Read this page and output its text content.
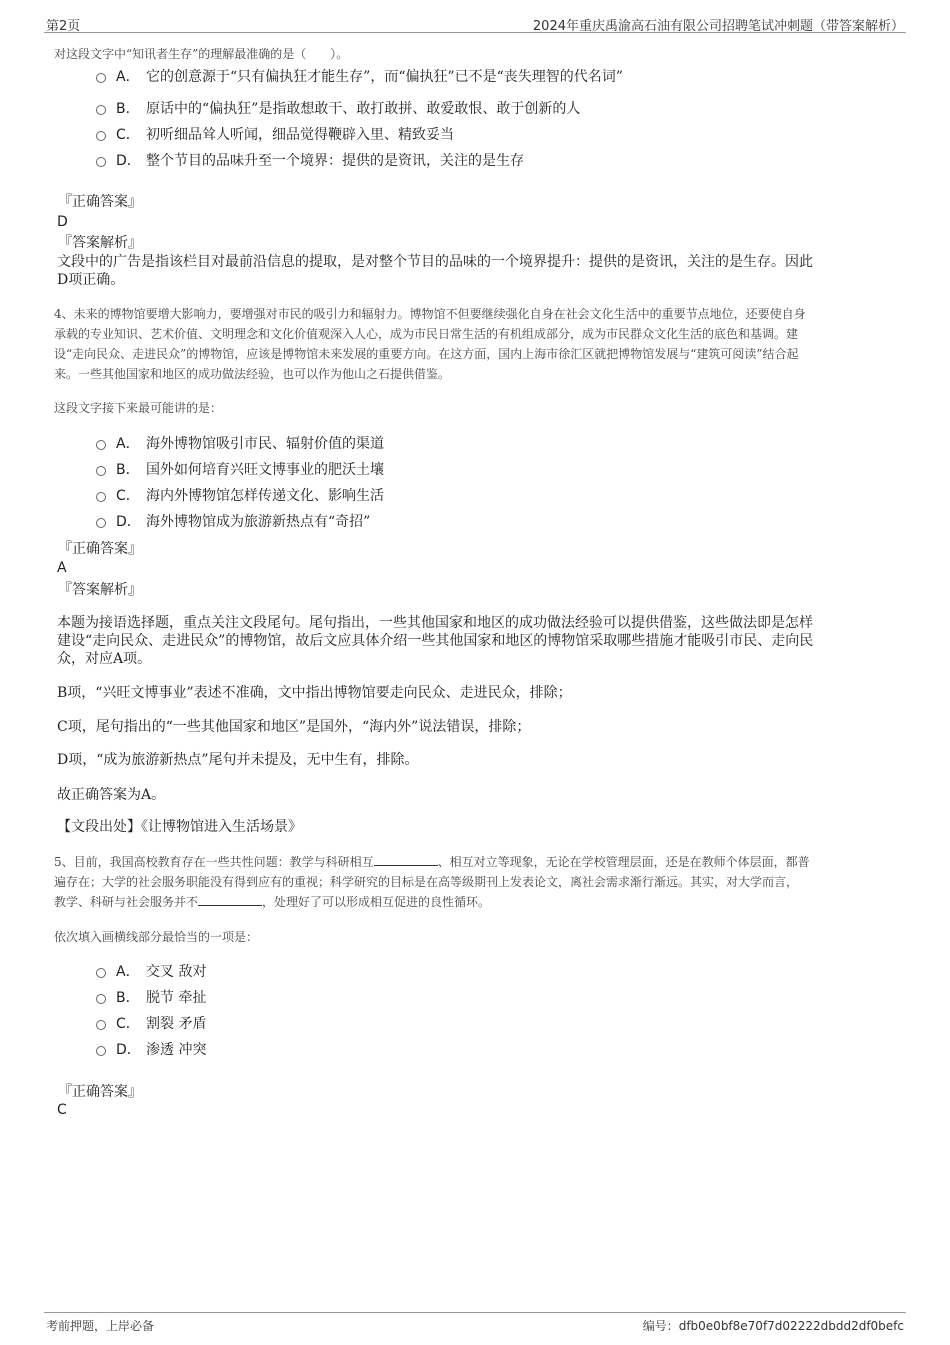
第2页	2024年重庆禹渝高石油有限公司招聘笔试冲刺题（带答案解析）
对这段文字中“知讯者生存”的理解最准确的是（　　）。
A． 它的创意源于“只有偏执狂才能生存”，而“偏执狂”已不是“丧失理智的代名词”
B． 原话中的“偏执狂”是指敢想敢干、敢打敢拼、敢爱敢恨、敢于创新的人
C． 初听细品耸人听闻，细品觉得鞭辟入里、精致妥当
D． 整个节目的品味升至一个境界：提供的是资讯，关注的是生存
『正确答案』
D
『答案解析』
文段中的广告是指该栏目对最前沿信息的提取，是对整个节目的品味的一个境界提升：提供的是资讯，关注的是生存。因此
D项正确。
4、未来的博物馆要增大影响力，要增强对市民的吸引力和辐射力。博物馆不但要继续强化自身在社会文化生活中的重要节点地位，还要使自身
承载的专业知识、艺术价值、文明理念和文化价值观深入人心，成为市民日常生活的有机组成部分，成为市民群众文化生活的底色和基调。建
设“走向民众、走进民众”的博物馆，应该是博物馆未来发展的重要方向。在这方面，国内上海市徐汇区就把博物馆发展与“建筑可阅读”结合起
来。一些其他国家和地区的成功做法经验，也可以作为他山之石提供借鉴。
这段文字接下来最可能讲的是：
A． 海外博物馆吸引市民、辐射价值的渠道
B． 国外如何培育兴旺文博事业的肥沃土壤
C． 海内外博物馆怎样传递文化、影响生活
D． 海外博物馆成为旅游新热点有“奇招”
『正确答案』
A
『答案解析』
本题为接语选择题，重点关注文段尾句。尾句指出，一些其他国家和地区的成功做法经验可以提供借鉴，这些做法即是怎样
建设“走向民众、走进民众”的博物馆，故后文应具体介绍一些其他国家和地区的博物馆采取哪些措施才能吸引市民、走向民
众，对应A项。
B项，“兴旺文博事业”表述不准确，文中指出博物馆要走向民众、走进民众，排除；
C项，尾句指出的“一些其他国家和地区”是国外，“海内外”说法错误，排除；
D项，“成为旅游新热点”尾句并未提及，无中生有，排除。
故正确答案为A。
【文段出处】《让博物馆进入生活场景》
5、目前，我国高校教育存在一些共性问题：教学与科研相互	、相互对立等现象，无论在学校管理层面，还是在教师个体层面，都普
遍存在；大学的社会服务职能没有得到应有的重视；科学研究的目标是在高等级期刊上发表论文，离社会需求渐行渐远。其实，对大学而言，
教学、科研与社会服务并不	，处理好了可以形成相互促进的良性循环。
依次填入画横线部分最恰当的一项是：
A． 交叉 敌对
B． 脱节 牵扯
C． 割裂 矛盾
D． 渗透 冲突
『正确答案』
C
考前押题，上岸必备	编号：dfb0e0bf8e70f7d02222dbdd2df0befc
